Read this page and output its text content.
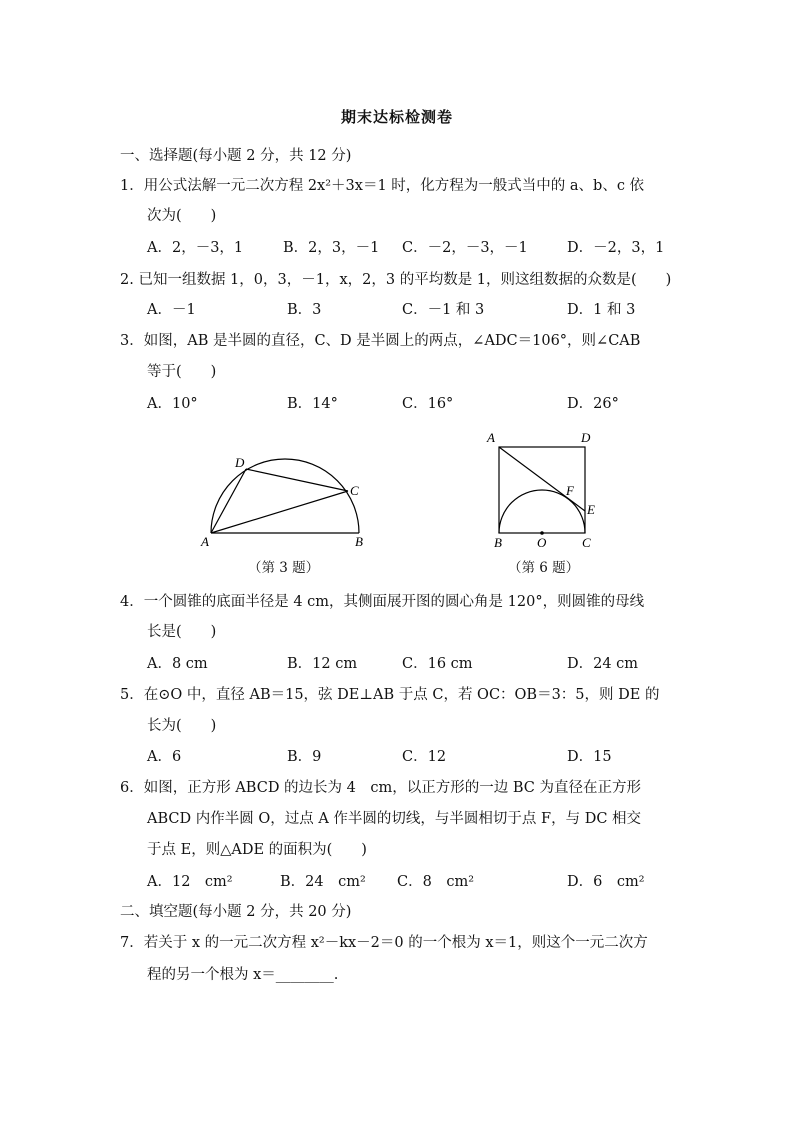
期末达标检测卷
一、选择题(每小题 2 分，共 12 分)
1．用公式法解一元二次方程 2x²＋3x＝1 时，化方程为一般式当中的 a、b、c 依
次为(　　)
A．2，－3，1	B．2，3，－1 C．－2，－3，－1	D．－2，3，1
2. 已知一组数据 1，0，3，－1，x，2，3 的平均数是 1，则这组数据的众数是(　　)
A．－1	B．3	C．－1 和 3	D．1 和 3
3．如图，AB 是半圆的直径，C、D 是半圆上的两点，∠ADC＝106°，则∠CAB
等于(　　)
A．10°	B．14°	C．16°	D．26°
A	B
C
D
（第 3 题）
A
B	C
D
E
F
O
（第 6 题）
4．一个圆锥的底面半径是 4 cm，其侧面展开图的圆心角是 120°，则圆锥的母线
长是(　　)
A．8 cm	B．12 cm	C．16 cm	D．24 cm
5．在⊙O 中，直径 AB＝15，弦 DE⊥AB 于点 C，若 OC：OB＝3：5，则 DE 的
长为(　　)
A．6	B．9	C．12	D．15
6．如图，正方形 ABCD 的边长为 4　cm，以正方形的一边 BC 为直径在正方形
ABCD 内作半圆 O，过点 A 作半圆的切线，与半圆相切于点 F，与 DC 相交
于点 E，则△ADE 的面积为(　　)
A．12　cm²	B．24　cm² C．8　cm²	D．6　cm²
二、填空题(每小题 2 分，共 20 分)
7．若关于 x 的一元二次方程 x²－kx－2＝0 的一个根为 x＝1，则这个一元二次方
程的另一个根为 x＝________.
